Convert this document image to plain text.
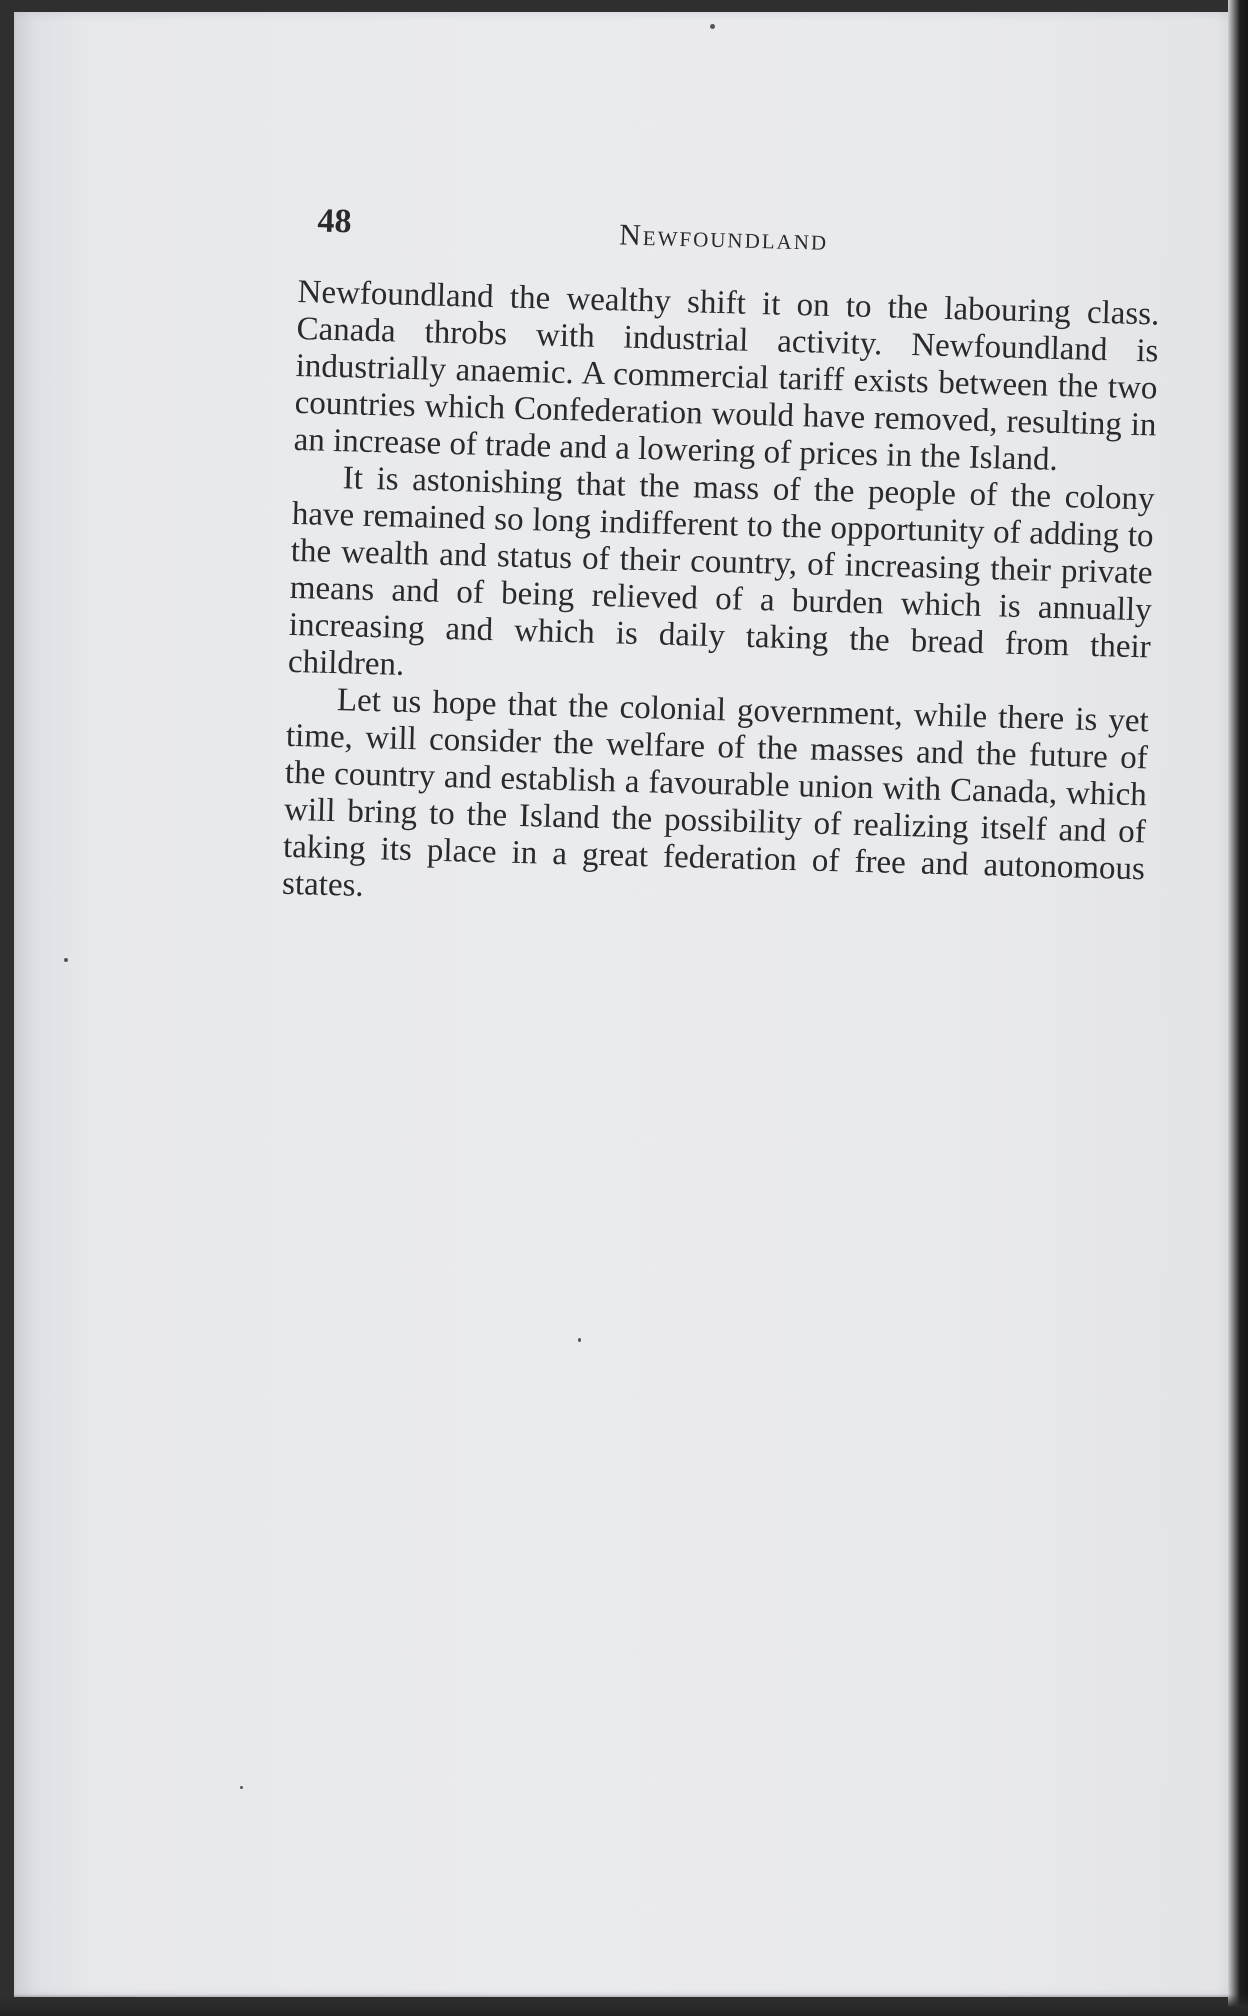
48	Newfoundland

Newfoundland the wealthy shift it on to the labouring class. Canada throbs with industrial activity. Newfoundland is industrially anaemic. A commercial tariff exists between the two countries which Confederation would have removed, resulting in an increase of trade and a lowering of prices in the Island.

It is astonishing that the mass of the people of the colony have remained so long indifferent to the opportunity of adding to the wealth and status of their country, of increasing their private means and of being relieved of a burden which is annually increasing and which is daily taking the bread from their children.

Let us hope that the colonial government, while there is yet time, will consider the welfare of the masses and the future of the country and establish a favourable union with Canada, which will bring to the Island the possibility of realizing itself and of taking its place in a great federation of free and autonomous states.
